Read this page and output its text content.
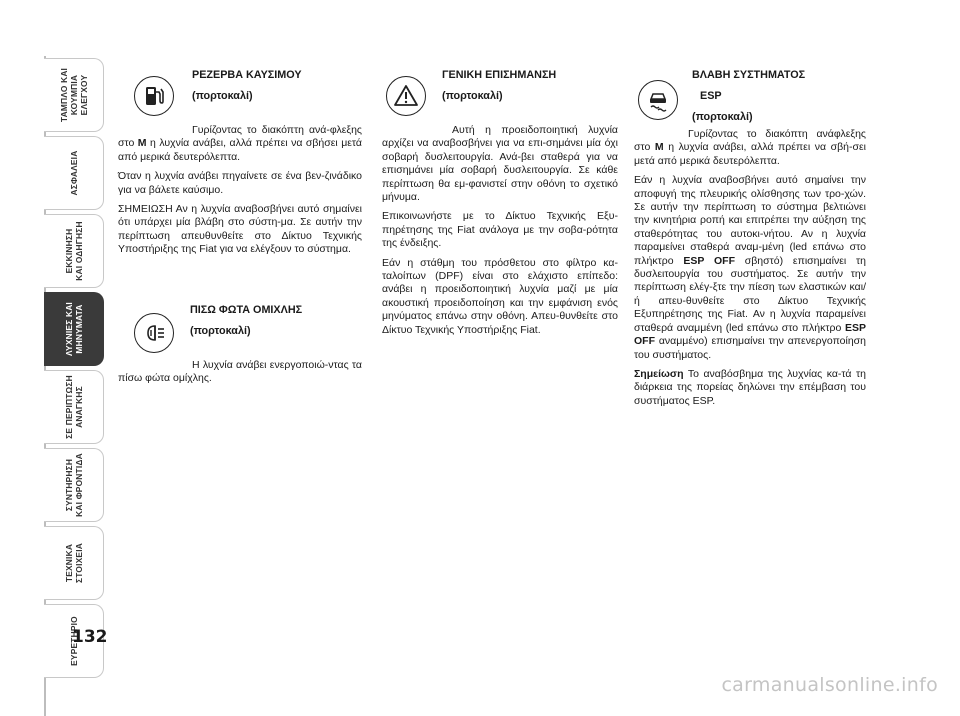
ΤΑΜΠΛΟ ΚΑΙ
ΚΟΥΜΠΙΑ
ΕΛΕΓΧΟΥ
ΑΣΦΑΛΕΙΑ
ΕΚΚΙΝΗΣΗ
ΚΑΙ ΟΔΗΓΗΣΗ
ΛΥΧΝΙΕΣ ΚΑΙ
ΜΗΝΥΜΑΤΑ
ΣΕ ΠΕΡΙΠΤΩΣΗ
ΑΝΑΓΚΗΣ
ΣΥΝΤΗΡΗΣΗ
ΚΑΙ ΦΡΟΝΤΙΔΑ
ΤΕΧΝΙΚΑ
ΣΤΟΙΧΕΙΑ
ΕΥΡΕΤΗΡΙΟ
132

ΡΕΖΕΡΒΑ ΚΑΥΣΙΜΟΥ

(πορτοκαλί)

Γυρίζοντας το διακόπτη ανά-φλεξης στο M η λυχνία ανάβει, αλλά πρέπει να σβήσει μετά από μερικά δευτερόλεπτα.

Όταν η λυχνία ανάβει πηγαίνετε σε ένα βεν-ζινάδικο για να βάλετε καύσιμο.

ΣΗΜΕΙΩΣΗ Αν η λυχνία αναβοσβήνει αυτό σημαίνει ότι υπάρχει μία βλάβη στο σύστη-μα. Σε αυτήν την περίπτωση απευθυνθείτε στο Δίκτυο Τεχνικής Υποστήριξης της Fiat για να ελέγξουν το σύστημα.

ΠΙΣΩ ΦΩΤΑ ΟΜΙΧΛΗΣ

(πορτοκαλί)

Η λυχνία ανάβει ενεργοποιώ-ντας τα πίσω φώτα ομίχλης.

ΓΕΝΙΚΗ ΕΠΙΣΗΜΑΝΣΗ

(πορτοκαλί)

Αυτή η προειδοποιητική λυχνία αρχίζει να αναβοσβήνει για να επι-σημάνει μία όχι σοβαρή δυσλειτουργία. Ανά-βει σταθερά για να επισημάνει μία σοβαρή δυσλειτουργία. Σε κάθε περίπτωση θα εμ-φανιστεί στην οθόνη το σχετικό μήνυμα.

Επικοινωνήστε με το Δίκτυο Τεχνικής Εξυ-πηρέτησης της Fiat ανάλογα με την σοβα-ρότητα της ένδειξης.

Εάν η στάθμη του πρόσθετου στο φίλτρο κα-ταλοίπων (DPF) είναι στο ελάχιστο επίπεδο: ανάβει η προειδοποιητική λυχνία μαζί με μία ακουστική προειδοποίηση και την εμφάνιση ενός μηνύματος επάνω στην οθόνη. Απευ-θυνθείτε στο Δίκτυο Τεχνικής Υποστήριξης Fiat.

ΒΛΑΒΗ ΣΥΣΤΗΜΑΤΟΣ

ESP

(πορτοκαλί)

Γυρίζοντας το διακόπτη ανάφλεξης στο M η λυχνία ανάβει, αλλά πρέπει να σβή-σει μετά από μερικά δευτερόλεπτα.

Εάν η λυχνία αναβοσβήνει αυτό σημαίνει την αποφυγή της πλευρικής ολίσθησης των τρο-χών. Σε αυτήν την περίπτωση το σύστημα βελτιώνει την κινητήρια ροπή και επιτρέπει την αύξηση της σταθερότητας του αυτοκι-νήτου. Αν η λυχνία παραμείνει σταθερά αναμ-μένη (led επάνω στο πλήκτρο ESP OFF σβηστό) επισημαίνει τη δυσλειτουργία του συστήματος. Σε αυτήν την περίπτωση ελέγ-ξτε την πίεση των ελαστικών και/ή απευ-θυνθείτε στο Δίκτυο Τεχνικής Εξυπηρέτησης της Fiat. Αν η λυχνία παραμείνει σταθερά αναμμένη (led επάνω στο πλήκτρο ESP OFF αναμμένο) επισημαίνει την απενεργοποίηση του συστήματος.

Σημείωση Το αναβόσβημα της λυχνίας κα-τά τη διάρκεια της πορείας δηλώνει την επέμβαση του συστήματος ESP.

carmanualsonline.info
